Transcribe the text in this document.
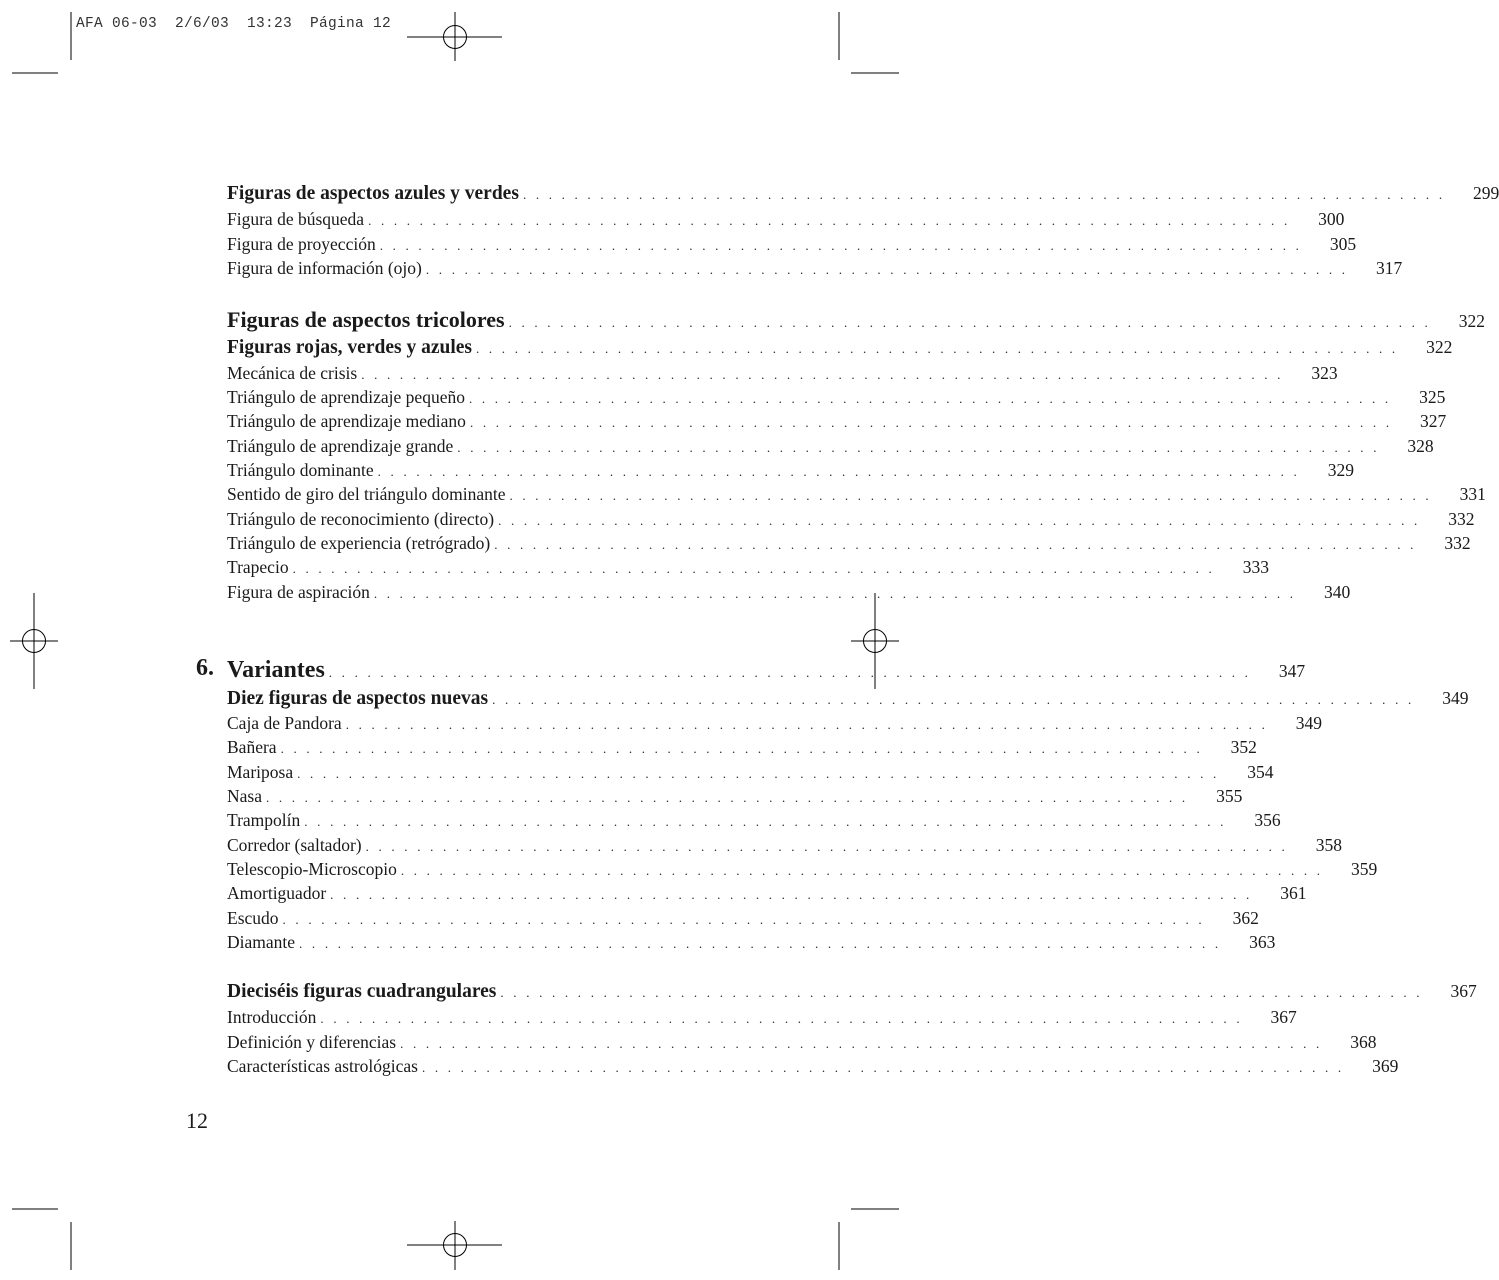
AFA 06-03  2/6/03  13:23  Página 12
Figuras de aspectos azules y verdes . . . . . . . . . . . . . . . . . . . . . . . . . . . . . . . . . . . . . . . . . . . . . . . . . . . . . . . . . . . . . . . . . . . . . . . . 299
Figura de búsqueda . . . . . . . . . . . . . . . . . . . . . . . . . . . . . . . . . . . . . . . . . . . . . . . . . . . . . . . . . . . . . . . . . . . . . . . . 300
Figura de proyección . . . . . . . . . . . . . . . . . . . . . . . . . . . . . . . . . . . . . . . . . . . . . . . . . . . . . . . . . . . . . . . . . . . . . . . . 305
Figura de información (ojo) . . . . . . . . . . . . . . . . . . . . . . . . . . . . . . . . . . . . . . . . . . . . . . . . . . . . . . . . . . . . . . . . . . . . . . . . 317
Figuras de aspectos tricolores . . . . . . . . . . . . . . . . . . . . . . . . . . . . . . . . . . . . . . . . . . . . . . . . . . . . . . . . . . . . . . . . . . . . . . . . 322
Figuras rojas, verdes y azules . . . . . . . . . . . . . . . . . . . . . . . . . . . . . . . . . . . . . . . . . . . . . . . . . . . . . . . . . . . . . . . . . . . . . . . . 322
Mecánica de crisis . . . . . . . . . . . . . . . . . . . . . . . . . . . . . . . . . . . . . . . . . . . . . . . . . . . . . . . . . . . . . . . . . . . . . . . . 323
Triángulo de aprendizaje pequeño . . . . . . . . . . . . . . . . . . . . . . . . . . . . . . . . . . . . . . . . . . . . . . . . . . . . . . . . . . . . . . . . . . . . . . . . 325
Triángulo de aprendizaje mediano . . . . . . . . . . . . . . . . . . . . . . . . . . . . . . . . . . . . . . . . . . . . . . . . . . . . . . . . . . . . . . . . . . . . . . . . 327
Triángulo de aprendizaje grande . . . . . . . . . . . . . . . . . . . . . . . . . . . . . . . . . . . . . . . . . . . . . . . . . . . . . . . . . . . . . . . . . . . . . . . . 328
Triángulo dominante . . . . . . . . . . . . . . . . . . . . . . . . . . . . . . . . . . . . . . . . . . . . . . . . . . . . . . . . . . . . . . . . . . . . . . . . 329
Sentido de giro del triángulo dominante . . . . . . . . . . . . . . . . . . . . . . . . . . . . . . . . . . . . . . . . . . . . . . . . . . . . . . . . . . . . . . . . . . . . . . . . 331
Triángulo de reconocimiento (directo) . . . . . . . . . . . . . . . . . . . . . . . . . . . . . . . . . . . . . . . . . . . . . . . . . . . . . . . . . . . . . . . . . . . . . . . . 332
Triángulo de experiencia (retrógrado) . . . . . . . . . . . . . . . . . . . . . . . . . . . . . . . . . . . . . . . . . . . . . . . . . . . . . . . . . . . . . . . . . . . . . . . . 332
Trapecio . . . . . . . . . . . . . . . . . . . . . . . . . . . . . . . . . . . . . . . . . . . . . . . . . . . . . . . . . . . . . . . . . . . . . . . . 333
Figura de aspiración . . . . . . . . . . . . . . . . . . . . . . . . . . . . . . . . . . . . . . . . . . . . . . . . . . . . . . . . . . . . . . . . . . . . . . . . 340
Variantes . . . . . . . . . . . . . . . . . . . . . . . . . . . . . . . . . . . . . . . . . . . . . . . . . . . . . . . . . . . . . . . . . . . . . . . . 347
Diez figuras de aspectos nuevas . . . . . . . . . . . . . . . . . . . . . . . . . . . . . . . . . . . . . . . . . . . . . . . . . . . . . . . . . . . . . . . . . . . . . . . . 349
Caja de Pandora . . . . . . . . . . . . . . . . . . . . . . . . . . . . . . . . . . . . . . . . . . . . . . . . . . . . . . . . . . . . . . . . . . . . . . . . 349
Bañera . . . . . . . . . . . . . . . . . . . . . . . . . . . . . . . . . . . . . . . . . . . . . . . . . . . . . . . . . . . . . . . . . . . . . . . . 352
Mariposa . . . . . . . . . . . . . . . . . . . . . . . . . . . . . . . . . . . . . . . . . . . . . . . . . . . . . . . . . . . . . . . . . . . . . . . . 354
Nasa . . . . . . . . . . . . . . . . . . . . . . . . . . . . . . . . . . . . . . . . . . . . . . . . . . . . . . . . . . . . . . . . . . . . . . . . 355
Trampolín . . . . . . . . . . . . . . . . . . . . . . . . . . . . . . . . . . . . . . . . . . . . . . . . . . . . . . . . . . . . . . . . . . . . . . . . 356
Corredor (saltador) . . . . . . . . . . . . . . . . . . . . . . . . . . . . . . . . . . . . . . . . . . . . . . . . . . . . . . . . . . . . . . . . . . . . . . . . 358
Telescopio-Microscopio . . . . . . . . . . . . . . . . . . . . . . . . . . . . . . . . . . . . . . . . . . . . . . . . . . . . . . . . . . . . . . . . . . . . . . . . 359
Amortiguador . . . . . . . . . . . . . . . . . . . . . . . . . . . . . . . . . . . . . . . . . . . . . . . . . . . . . . . . . . . . . . . . . . . . . . . . 361
Escudo . . . . . . . . . . . . . . . . . . . . . . . . . . . . . . . . . . . . . . . . . . . . . . . . . . . . . . . . . . . . . . . . . . . . . . . . 362
Diamante . . . . . . . . . . . . . . . . . . . . . . . . . . . . . . . . . . . . . . . . . . . . . . . . . . . . . . . . . . . . . . . . . . . . . . . . 363
Dieciséis figuras cuadrangulares . . . . . . . . . . . . . . . . . . . . . . . . . . . . . . . . . . . . . . . . . . . . . . . . . . . . . . . . . . . . . . . . . . . . . . . . 367
Introducción . . . . . . . . . . . . . . . . . . . . . . . . . . . . . . . . . . . . . . . . . . . . . . . . . . . . . . . . . . . . . . . . . . . . . . . . 367
Definición y diferencias . . . . . . . . . . . . . . . . . . . . . . . . . . . . . . . . . . . . . . . . . . . . . . . . . . . . . . . . . . . . . . . . . . . . . . . . 368
Características astrológicas . . . . . . . . . . . . . . . . . . . . . . . . . . . . . . . . . . . . . . . . . . . . . . . . . . . . . . . . . . . . . . . . . . . . . . . . 369
6.
12
